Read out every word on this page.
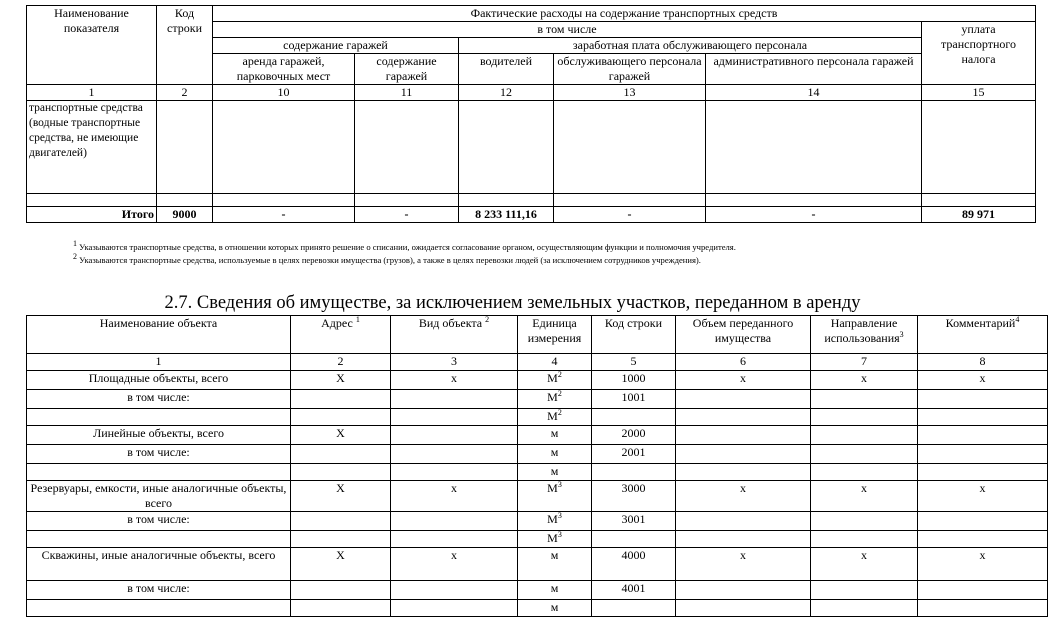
Наименование показателя	Код строки	Фактические расходы на содержание транспортных средств					
		в том числе					уплата транспортного налога
		содержание гаражей		заработная плата обслуживающего персонала			
		аренда гаражей, парковочных мест	содержание гаражей	водителей	обслуживающего персонала гаражей	административного персонала гаражей	
1	2	10	11	12	13	14	15
транспортные средства (водные транспортные средства, не имеющие двигателей)							

Итого	9000	-	-	8 233 111,16	-	-	89 971
$^1$ Указываются транспортные средства, в отношении которых принято решение о списании, ожидается согласование органом, осуществляющим функции и полномочия учредителя.
$^2$ Указываются транспортные средства, используемые в целях перевозки имущества (грузов), а также в целях перевозки людей (за исключением сотрудников учреждения).
2.7. Сведения об имуществе, за исключением земельных участков, переданном в аренду
Наименование объекта	Адрес $^1$	Вид объекта $^2$	Единица измерения	Код строки	Объем переданного имущества	Направление использования$^3$	Комментарий$^4$
1	2	3	4	5	6	7	8
Площадные объекты, всего	X	x	$М^2$	1000	x	x	x
в том числе:			$М^2$	1001			
			$М^2$				
Линейные объекты, всего	X		м	2000			
в том числе:			м	2001			
			м				
Резервуары, емкости, иные аналогичные объекты, всего	X	x	$М^3$	3000	x	x	x
в том числе:			$М^3$	3001			
			$М^3$				
Скважины, иные аналогичные объекты, всего	X	x	м	4000	x	x	x
в том числе:			м	4001			
			м				
